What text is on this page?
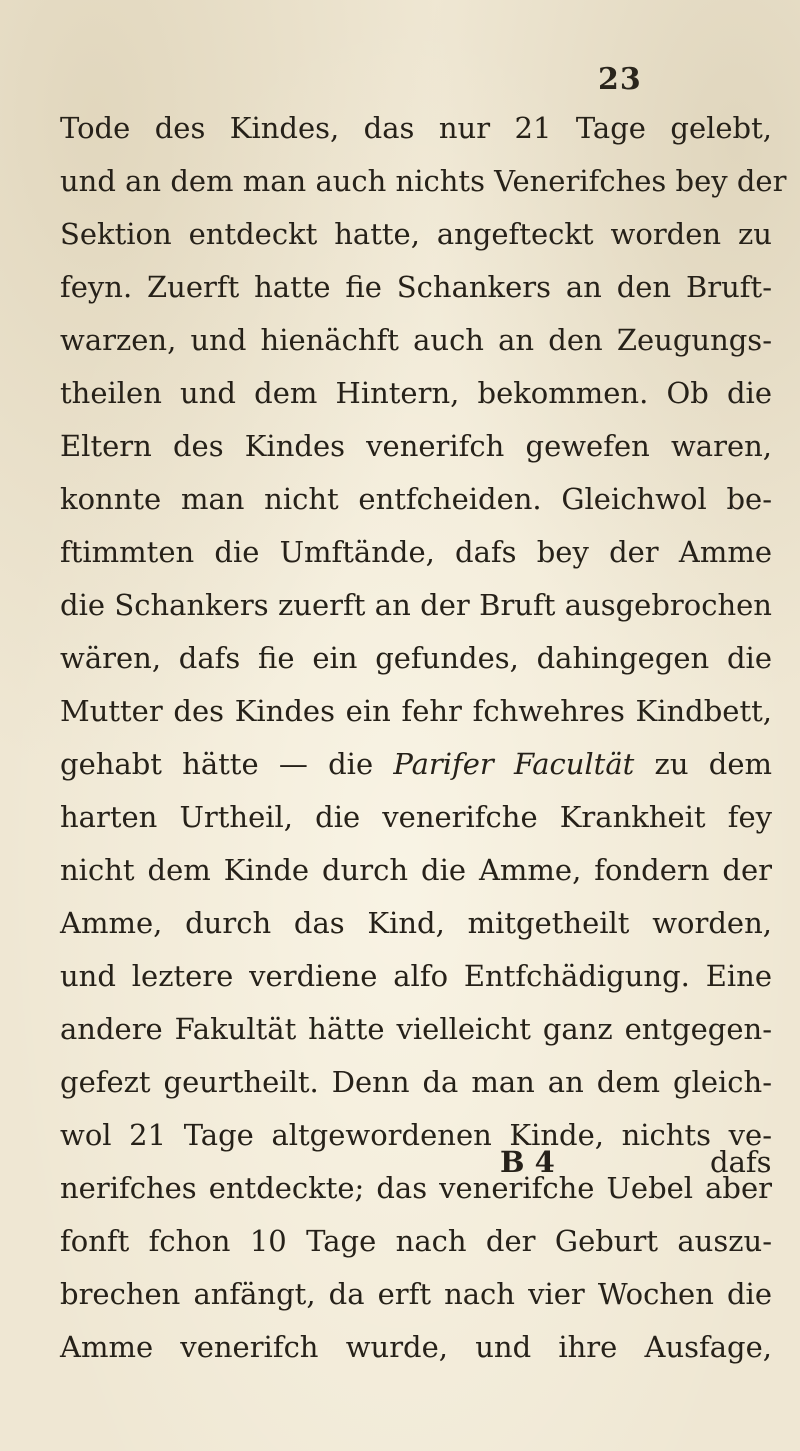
23
Tode des Kindes, das nur 21 Tage gelebt,
und an dem man auch nichts Venerifches bey der
Sektion entdeckt hatte, angefteckt worden zu
feyn. Zuerft hatte fie Schankers an den Bruft-
warzen, und hienächft auch an den Zeugungs-
theilen und dem Hintern, bekommen. Ob die
Eltern des Kindes venerifch gewefen waren,
konnte man nicht entfcheiden. Gleichwol be-
ftimmten die Umftände, dafs bey der Amme
die Schankers zuerft an der Bruft ausgebrochen
wären, dafs fie ein gefundes, dahingegen die
Mutter des Kindes ein fehr fchwehres Kindbett,
gehabt hätte — die Parifer Facultät zu dem
harten Urtheil, die venerifche Krankheit fey
nicht dem Kinde durch die Amme, fondern der
Amme, durch das Kind, mitgetheilt worden,
und leztere verdiene alfo Entfchädigung. Eine
andere Fakultät hätte vielleicht ganz entgegen-
gefezt geurtheilt. Denn da man an dem gleich-
wol 21 Tage altgewordenen Kinde, nichts ve-
nerifches entdeckte; das venerifche Uebel aber
fonft fchon 10 Tage nach der Geburt auszu-
brechen anfängt, da erft nach vier Wochen die
Amme venerifch wurde, und ihre Ausfage,
B 4	dafs
